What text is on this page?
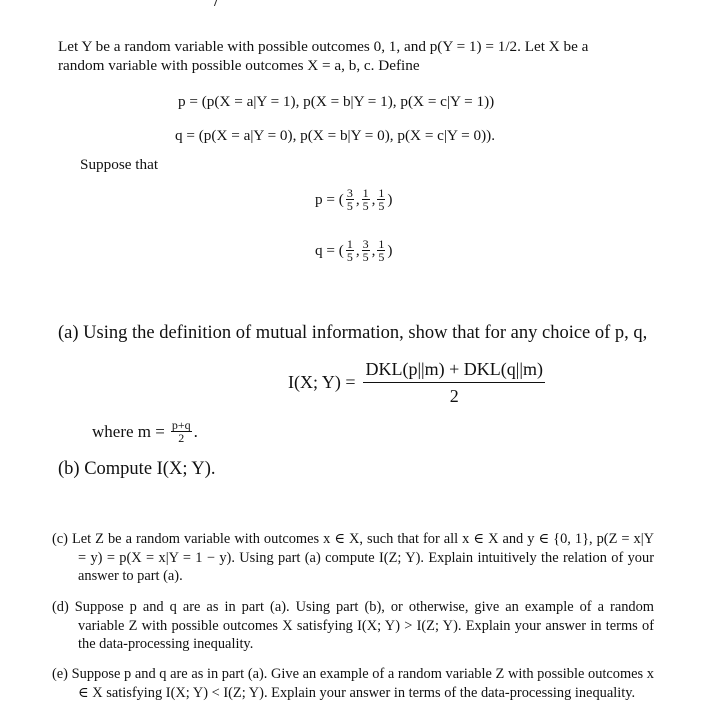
Let Y be a random variable with possible outcomes 0, 1, and p(Y = 1) = 1/2. Let X be a
random variable with possible outcomes X = a, b, c. Define
p = (p(X = a|Y = 1), p(X = b|Y = 1), p(X = c|Y = 1))
q = (p(X = a|Y = 0), p(X = b|Y = 0), p(X = c|Y = 0)).
Suppose that
p = ( $\frac{3}{5}$ , $\frac{1}{5}$ , $\frac{1}{5}$ )
q = ( $\frac{1}{5}$ , $\frac{3}{5}$ , $\frac{1}{5}$ )
(a) Using the definition of mutual information, show that for any choice of p, q,
I(X; $Y) = \frac{\text{DKL(p||m) + DKL(q||m)}}{2}$
where $m = \frac{p+q}{2}$ .
(b) Compute I(X; Y).
(c) Let Z be a random variable with outcomes x ∈ X, such that for all x ∈ X and y ∈ {0, 1}, p(Z = x|Y = y) = p(X = x|Y = 1 − y). Using part (a) compute I(Z; Y). Explain intuitively the relation of your answer to part (a).
(d) Suppose p and q are as in part (a). Using part (b), or otherwise, give an example of a random variable Z with possible outcomes X satisfying I(X; Y) > I(Z; Y). Explain your answer in terms of the data-processing inequality.
(e) Suppose p and q are as in part (a). Give an example of a random variable Z with possible outcomes x ∈ X satisfying I(X; Y) < I(Z; Y). Explain your answer in terms of the data-processing inequality.
